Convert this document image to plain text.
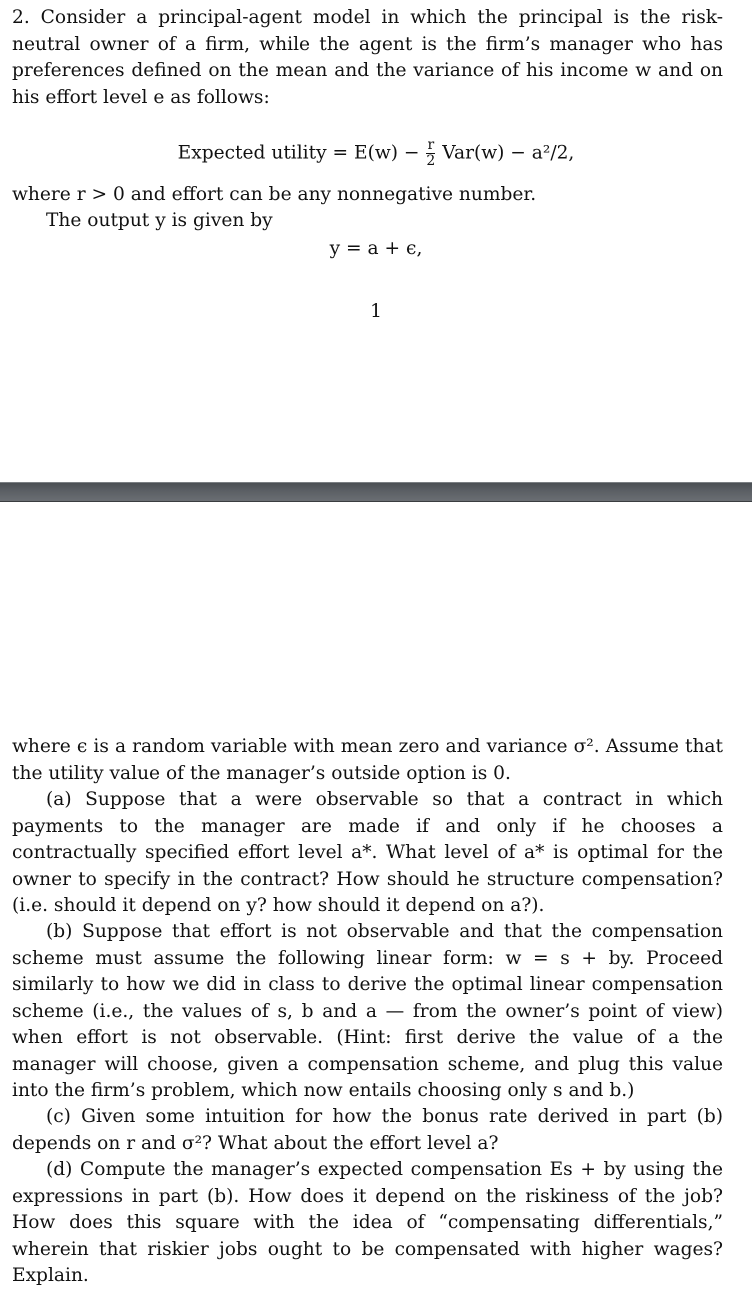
2. Consider a principal-agent model in which the principal is the risk-neutral owner of a firm, while the agent is the firm’s manager who has preferences defined on the mean and the variance of his income w and on his effort level e as follows:

Expected utility = $E(w) - \frac{r}{2} Var(w) - a^2/2$,

where r > 0 and effort can be any nonnegative number.

The output y is given by

y = a + ϵ,
1

where ϵ is a random variable with mean zero and variance σ². Assume that the utility value of the manager’s outside option is 0.

(a) Suppose that a were observable so that a contract in which payments to the manager are made if and only if he chooses a contractually specified effort level a*. What level of a* is optimal for the owner to specify in the contract? How should he structure compensation? (i.e. should it depend on y? how should it depend on a?).

(b) Suppose that effort is not observable and that the compensation scheme must assume the following linear form: w = s + by. Proceed similarly to how we did in class to derive the optimal linear compensation scheme (i.e., the values of s, b and a — from the owner’s point of view) when effort is not observable. (Hint: first derive the value of a the manager will choose, given a compensation scheme, and plug this value into the firm’s problem, which now entails choosing only s and b.)

(c) Given some intuition for how the bonus rate derived in part (b) depends on r and σ²? What about the effort level a?

(d) Compute the manager’s expected compensation Es + by using the expressions in part (b). How does it depend on the riskiness of the job? How does this square with the idea of “compensating differentials,” wherein that riskier jobs ought to be compensated with higher wages? Explain.
